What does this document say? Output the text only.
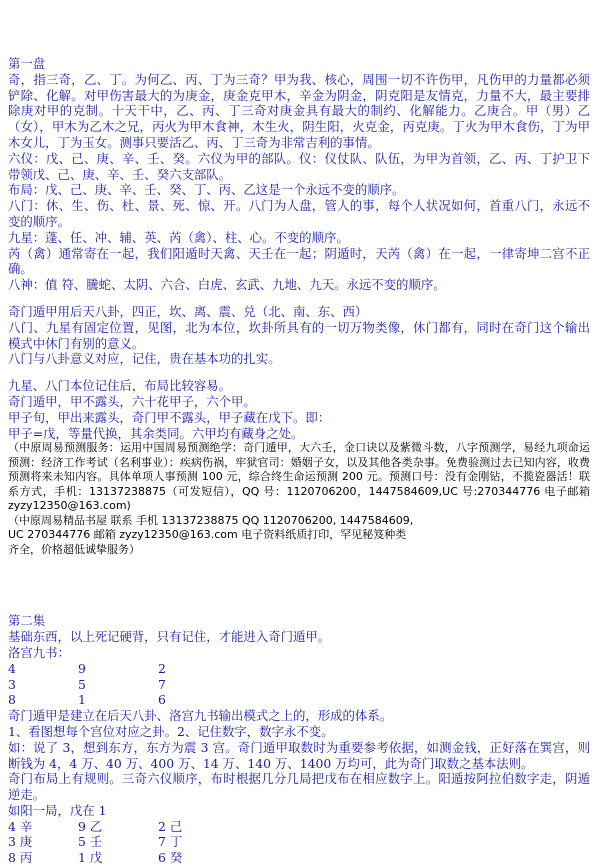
第一盘

奇，指三奇，乙、丁。为何乙、丙、丁为三奇？甲为我、核心，周围一切不许伤甲，凡伤甲的力量都必须铲除、化解。对甲伤害最大的为庚金，庚金克甲木，辛金为阴金，阴克阳是友情克，力量不大，最主要排除庚对甲的克制。十天干中，乙、丙、丁三奇对庚金具有最大的制约、化解能力。乙庚合。甲（男）乙（女），甲木为乙木之兄，丙火为甲木食神，木生火，阴生阳，火克金，丙克庚。丁火为甲木食伤，丁为甲木女儿，丁为玉女。测事只要活乙、丙、丁三奇为非常吉利的事情。

六仪：戊、己、庚、辛、壬、癸。六仪为甲的部队。仪：仪仗队、队伍，为甲为首领，乙、丙、丁护卫下带领戊、己、庚、辛、壬、癸六支部队。

布局：戊、己、庚、辛、壬、癸、丁、丙、乙这是一个永远不变的顺序。

八门：休、生、伤、杜、景、死、惊、开。八门为人盘，管人的事，每个人状况如何，首重八门，永远不变的顺序。

九星：蓬、任、冲、辅、英、芮（禽）、柱、心。不变的顺序。

芮（禽）通常寄在一起，我们阳遁时天禽、天壬在一起；阴遁时，天芮（禽）在一起，一律寄坤二宫不正确。

八神：值 符、騰蛇、太阴、六合、白虎、玄武、九地、九天。永远不变的顺序。

奇门遁甲用后天八卦，四正，坎、离、震、兑（北、南、东、西）

八门、九星有固定位置，见图，北为本位，坎卦所具有的一切万物类像，休门都有，同时在奇门这个输出模式中休门有别的意义。

八门与八卦意义对应，记住，贵在基本功的扎实。

九星、八门本位记住后，布局比较容易。

奇门遁甲，甲不露头，六十花甲子，六个甲。

甲子旬，甲出来露头，奇门甲不露头，甲子藏在戊下。即：

甲子=戊，等量代换，其余类同。六甲均有藏身之处。

（中原周易预测服务：运用中国周易预测绝学：奇门遁甲，大六壬，金口诀以及紫微斗数，八字预测学，易经九项命运预测：经济工作考试（名利事业）：疾病伤祸，牢狱官司：婚姻子女，以及其他各类杂事。免费验测过去已知内容，收费预测将来未知内容。具体单项人事预测 100 元，综合终生命运预测 200 元。预测口号：没有金刚钻，不揽瓷器活！联系方式，手机：13137238875（可发短信），QQ 号：1120706200，1447584609,UC 号:270344776 电子邮箱 zyzy12350@163.com)

（中原周易精品书屋 联系 手机 13137238875 QQ 1120706200, 1447584609,

UC 270344776 邮箱 zyzy12350@163.com 电子资料纸质打印，罕见秘笈种类

齐全，价格超低诚挚服务）

第二集

基础东西，以上死记硬背，只有记住，才能进入奇门遁甲。

洛宫九书：

4	9	2
3	5	7
8	1	6

奇门遁甲是建立在后天八卦、洛宫九书输出模式之上的，形成的体系。

1、看图想每个宫位对应之卦。2、记住数字，数字永不变。

如：说了 3，想到东方，东方为震 3 宫。奇门遁甲取数时为重要参考依据，如测金钱，正好落在巽宫，则断钱为 4，4 万、40 万、400 万、14 万、140 万、1400 万均可，此为奇门取数之基本法则。

奇门布局上有规则。三奇六仪顺序，布时根据几分几局把戊布在相应数字上。阳遁按阿拉伯数字走，阴遁逆走。

如阳一局，戊在 1

4 辛	9 乙	2 己
3 庚	5 壬	7 丁
8 丙	1 戊	6 癸
